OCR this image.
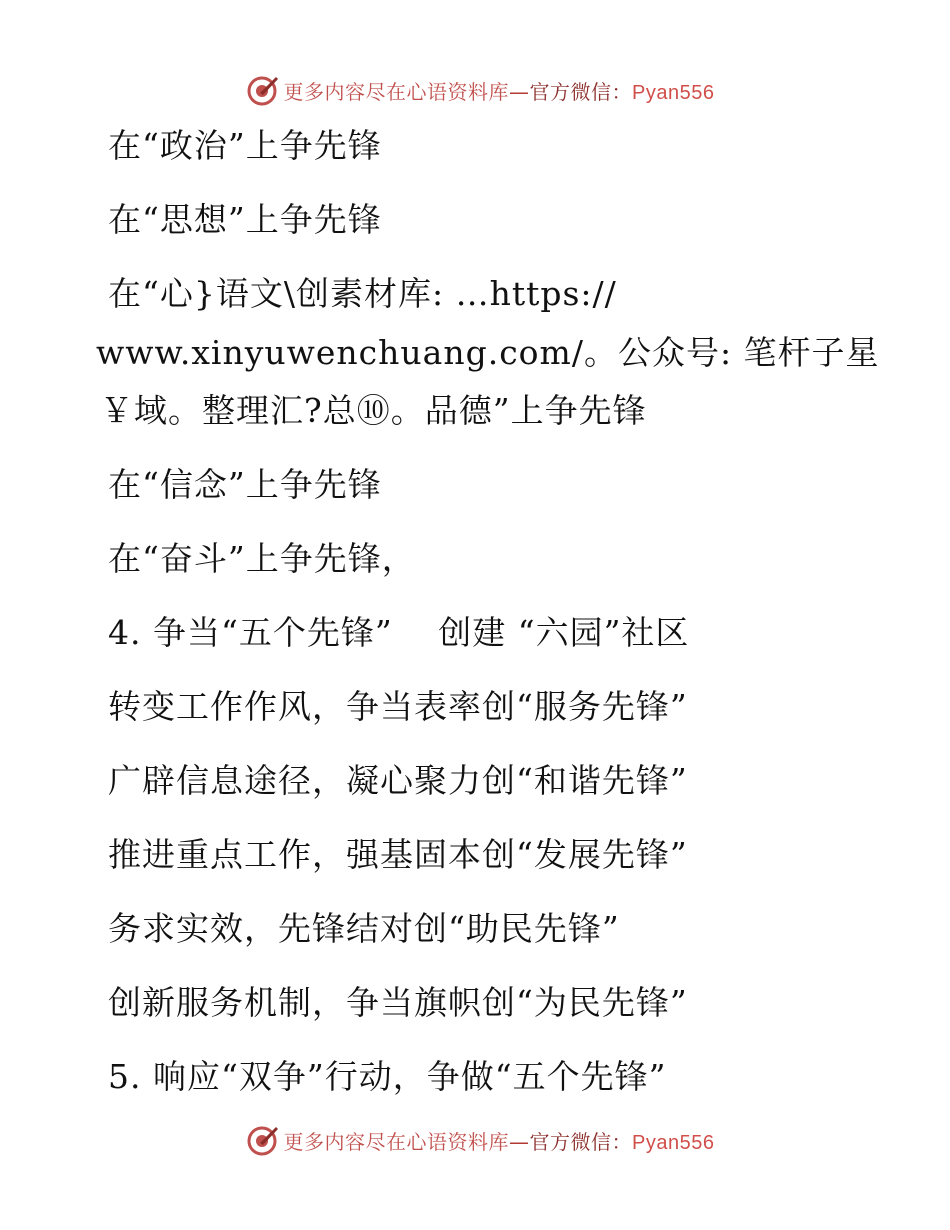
更多内容尽在心语资料库—官方微信：Pyan556
在“政治”上争先锋
在“思想”上争先锋
在“心}语文\创素材库: …https://
www.xinyuwenchuang.com/。公众号: 笔杆子星
￥域。整理汇?总⑩。品德”上争先锋
在“信念”上争先锋
在“奋斗”上争先锋，
4. 争当“五个先锋”　 创建 “六园”社区
转变工作作风，争当表率创“服务先锋”
广辟信息途径，凝心聚力创“和谐先锋”
推进重点工作，强基固本创“发展先锋”
务求实效，先锋结对创“助民先锋”
创新服务机制，争当旗帜创“为民先锋”
5. 响应“双争”行动，争做“五个先锋”
更多内容尽在心语资料库—官方微信：Pyan556
